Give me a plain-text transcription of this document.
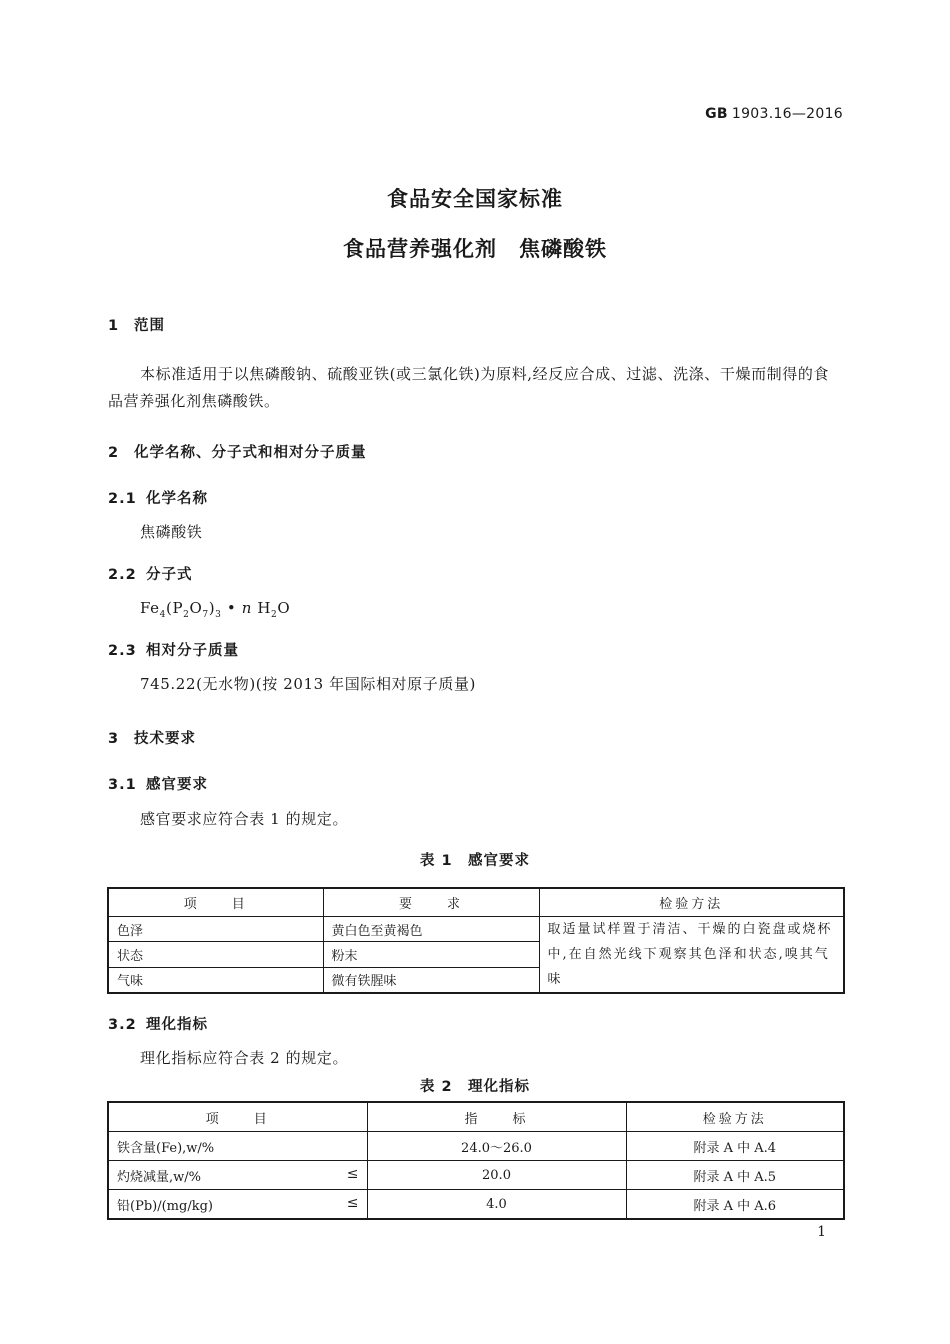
GB 1903.16—2016
食品安全国家标准
食品营养强化剂　焦磷酸铁
1 范围
本标准适用于以焦磷酸钠、硫酸亚铁(或三氯化铁)为原料,经反应合成、过滤、洗涤、干燥而制得的食品营养强化剂焦磷酸铁。
2 化学名称、分子式和相对分子质量
2.1 化学名称
焦磷酸铁
2.2 分子式
$Fe_4(P_2O_7)_3$ • n $H_2O$
2.3 相对分子质量
745.22(无水物)(按 2013 年国际相对原子质量)
3 技术要求
3.1 感官要求
感官要求应符合表 1 的规定。
表 1　感官要求
项　　目	要　　求	检验方法
色泽	黄白色至黄褐色	取适量试样置于清洁、干燥的白瓷盘或烧杯中,在自然光线下观察其色泽和状态,嗅其气味
状态	粉末	
气味	微有铁腥味	
3.2 理化指标
理化指标应符合表 2 的规定。
表 2　理化指标
项　　目	指　　标	检验方法
铁含量(Fe),w/%	24.0～26.0	附录 A 中 A.4
灼烧减量,w/% ≤	20.0	附录 A 中 A.5
铅(Pb)/(mg/kg) ≤	4.0	附录 A 中 A.6
1
